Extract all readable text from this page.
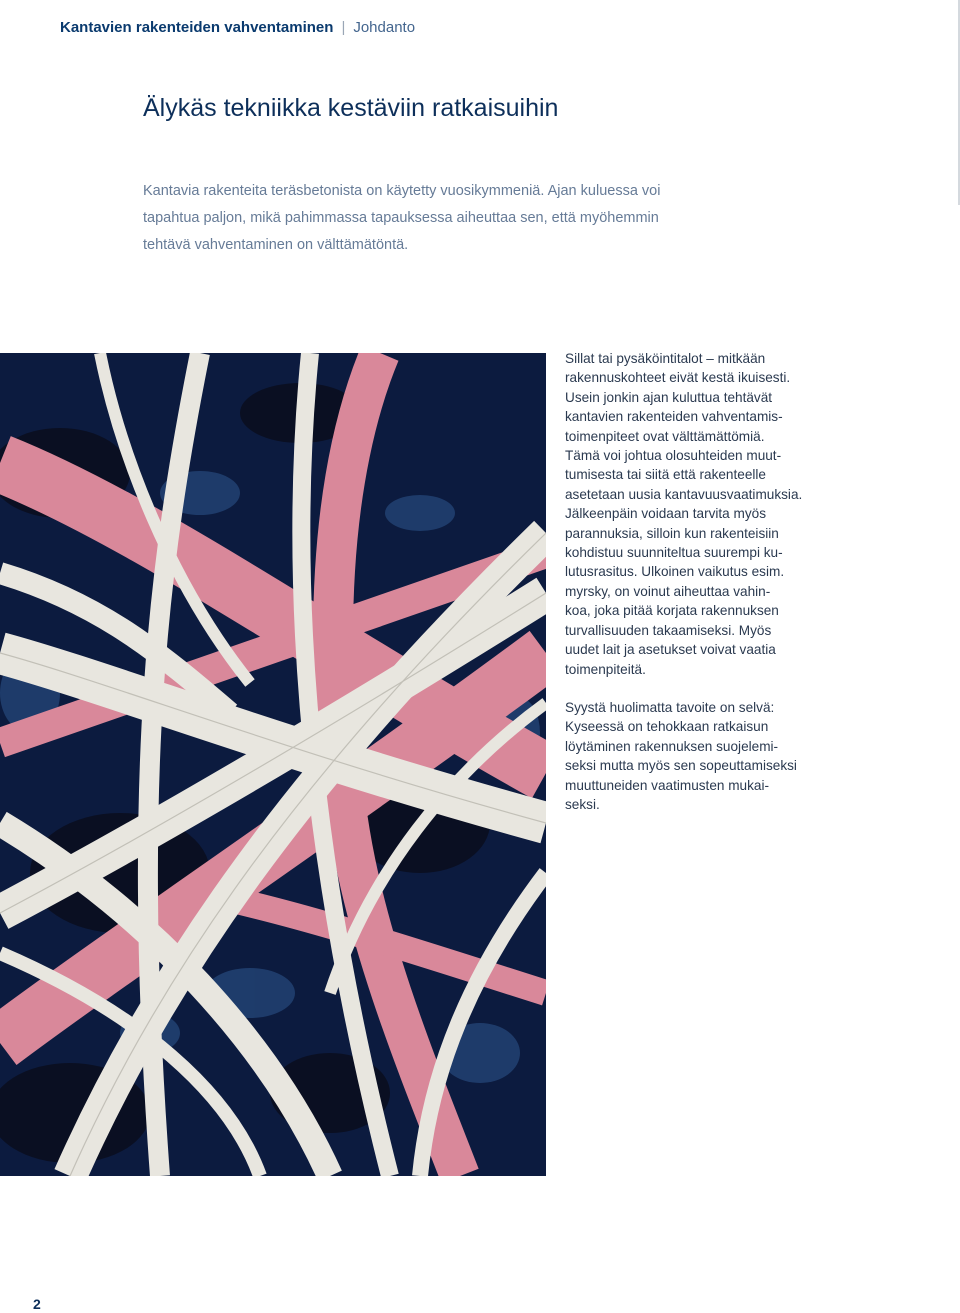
Kantavien rakenteiden vahventaminen | Johdanto
Älykäs tekniikka kestäviin ratkaisuihin

Kantavia rakenteita teräsbetonista on käytetty vuosikymmeniä. Ajan kuluessa voi
tapahtua paljon, mikä pahimmassa tapauksessa aiheuttaa sen, että myöhemmin
tehtävä vahventaminen on välttämätöntä.

Sillat tai pysäköintitalot – mitkään
rakennuskohteet eivät kestä ikuisesti.
Usein jonkin ajan kuluttua tehtävät
kantavien rakenteiden vahventamis-
toimenpiteet ovat välttämättömiä.
Tämä voi johtua olosuhteiden muut-
tumisesta tai siitä että rakenteelle
asetetaan uusia kantavuusvaatimuksia.
Jälkeenpäin voidaan tarvita myös
parannuksia, silloin kun rakenteisiin
kohdistuu suunniteltua suurempi ku-
lutusrasitus. Ulkoinen vaikutus esim.
myrsky, on voinut aiheuttaa vahin-
koa, joka pitää korjata rakennuksen
turvallisuuden takaamiseksi. Myös
uudet lait ja asetukset voivat vaatia
toimenpiteitä.

Syystä huolimatta tavoite on selvä:
Kyseessä on tehokkaan ratkaisun
löytäminen rakennuksen suojelemi-
seksi mutta myös sen sopeuttamiseksi
muuttuneiden vaatimusten mukai-
seksi.

2
